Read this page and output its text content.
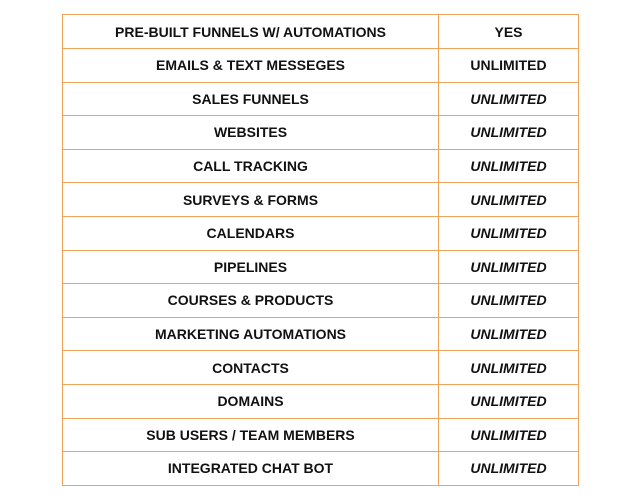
PRE-BUILT FUNNELS W/ AUTOMATIONS	YES
EMAILS & TEXT MESSEGES	UNLIMITED
SALES FUNNELS	UNLIMITED
WEBSITES	UNLIMITED
CALL TRACKING	UNLIMITED
SURVEYS & FORMS	UNLIMITED
CALENDARS	UNLIMITED
PIPELINES	UNLIMITED
COURSES & PRODUCTS	UNLIMITED
MARKETING AUTOMATIONS	UNLIMITED
CONTACTS	UNLIMITED
DOMAINS	UNLIMITED
SUB USERS / TEAM MEMBERS	UNLIMITED
INTEGRATED CHAT BOT	UNLIMITED
